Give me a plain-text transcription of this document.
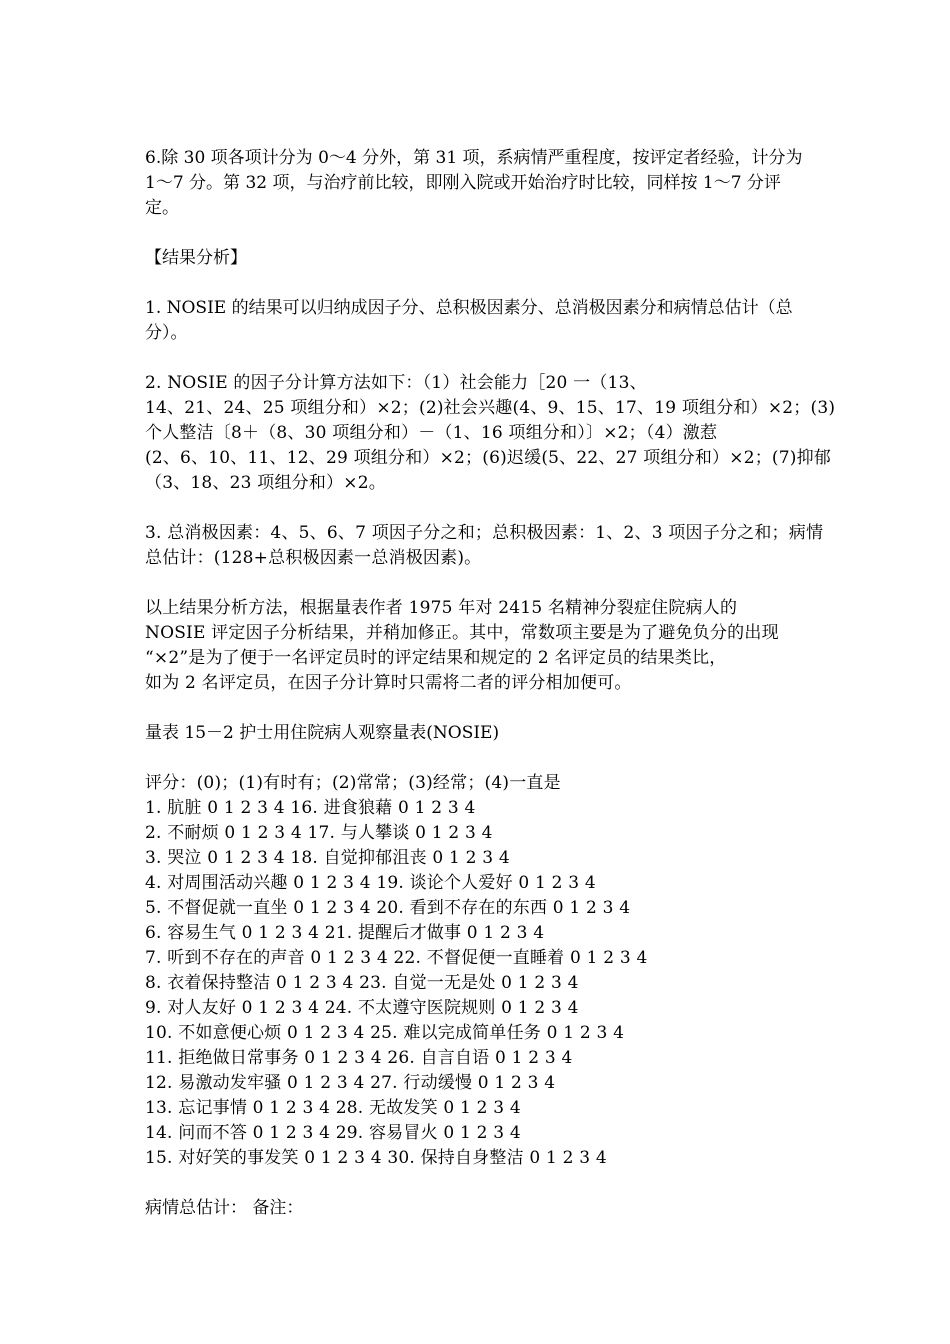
6.除 30 项各项计分为 0～4 分外，第 31 项，系病情严重程度，按评定者经验，计分为 1～7 分。第 32 项，与治疗前比较，即刚入院或开始治疗时比较，同样按 1～7 分评定。
【结果分析】
1. NOSIE 的结果可以归纳成因子分、总积极因素分、总消极因素分和病情总估计（总分）。
2. NOSIE 的因子分计算方法如下：（1）社会能力［20 一（13、
14、21、24、25 项组分和）×2；(2)社会兴趣(4、9、15、17、19 项组分和）×2；(3)
个人整洁〔8＋（8、30 项组分和）－（1、16 项组分和）〕×2；（4）激惹
(2、6、10、11、12、29 项组分和）×2；(6)迟缓(5、22、27 项组分和）×2；(7)抑郁
（3、18、23 项组分和）×2。
3. 总消极因素：4、5、6、7 项因子分之和；总积极因素：1、2、3 项因子分之和；病情
总估计：(128+总积极因素一总消极因素)。
以上结果分析方法，根据量表作者 1975 年对 2415 名精神分裂症住院病人的
NOSIE 评定因子分析结果，并稍加修正。其中，常数项主要是为了避免负分的出现
“×2”是为了便于一名评定员时的评定结果和规定的 2 名评定员的结果类比，
如为 2 名评定员，在因子分计算时只需将二者的评分相加便可。
量表 15－2 护士用住院病人观察量表(NOSIE)
评分：(0)；(1)有时有；(2)常常；(3)经常；(4)一直是
1. 肮脏 0 1 2 3 4 16. 进食狼藉 0 1 2 3 4
2. 不耐烦 0 1 2 3 4 17. 与人攀谈 0 1 2 3 4
3. 哭泣 0 1 2 3 4 18. 自觉抑郁沮丧 0 1 2 3 4
4. 对周围活动兴趣 0 1 2 3 4 19. 谈论个人爱好 0 1 2 3 4
5. 不督促就一直坐 0 1 2 3 4 20. 看到不存在的东西 0 1 2 3 4
6. 容易生气 0 1 2 3 4 21. 提醒后才做事 0 1 2 3 4
7. 听到不存在的声音 0 1 2 3 4 22. 不督促便一直睡着 0 1 2 3 4
8. 衣着保持整洁 0 1 2 3 4 23. 自觉一无是处 0 1 2 3 4
9. 对人友好 0 1 2 3 4 24. 不太遵守医院规则 0 1 2 3 4
10. 不如意便心烦 0 1 2 3 4 25. 难以完成简单任务 0 1 2 3 4
11. 拒绝做日常事务 0 1 2 3 4 26. 自言自语 0 1 2 3 4
12. 易激动发牢骚 0 1 2 3 4 27. 行动缓慢 0 1 2 3 4
13. 忘记事情 0 1 2 3 4 28. 无故发笑 0 1 2 3 4
14. 问而不答 0 1 2 3 4 29. 容易冒火 0 1 2 3 4
15. 对好笑的事发笑 0 1 2 3 4 30. 保持自身整洁 0 1 2 3 4
病情总估计： 备注：
